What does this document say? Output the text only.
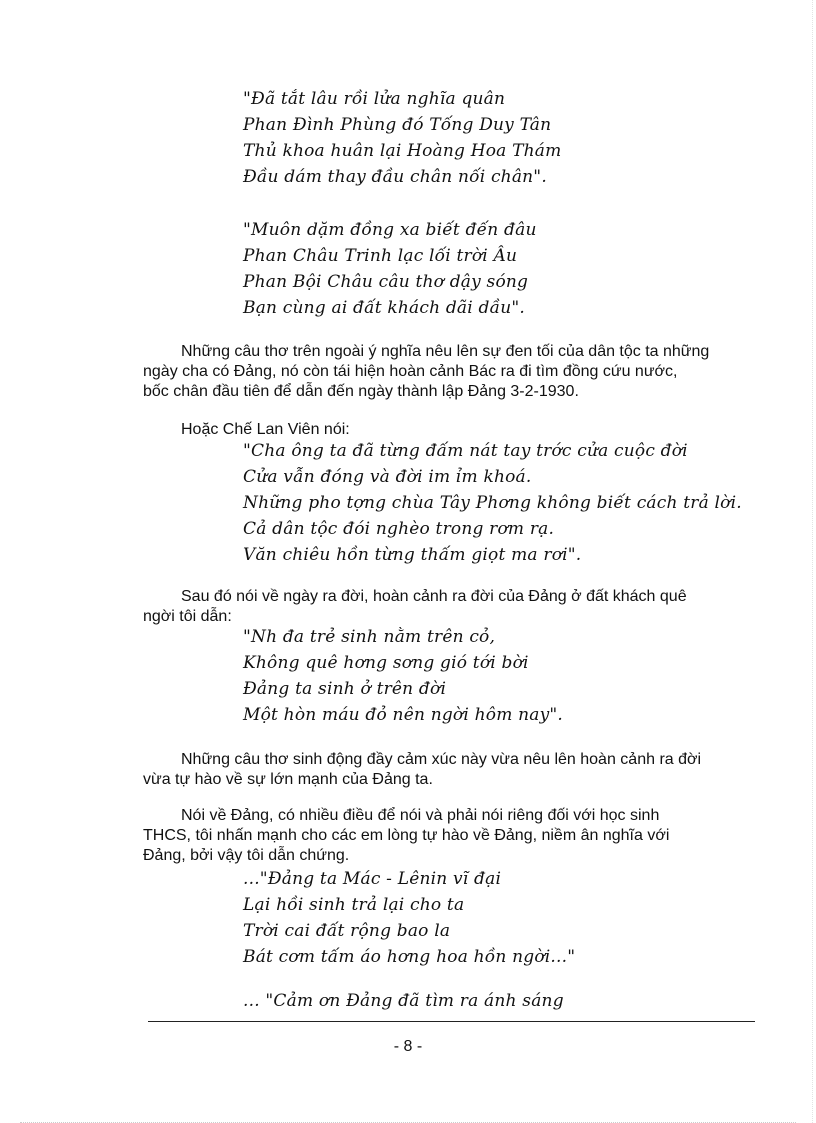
"Đã tắt lâu rồi lửa nghĩa quân
Phan Đình Phùng đó Tống Duy Tân
Thủ khoa huân lại Hoàng Hoa Thám
Đầu dám thay đầu chân nối chân".
"Muôn dặm đồng xa biết đến đâu
Phan Châu Trinh lạc lối trời Âu
Phan Bội Châu câu thơ dậy sóng
Bạn cùng ai đất khách dãi dầu".
Những câu thơ trên ngoài ý nghĩa nêu lên sự đen tối của dân tộc ta những
ngày cha có Đảng, nó còn tái hiện hoàn cảnh Bác ra đi tìm đồng cứu nước,
bốc chân đầu tiên để dẫn đến ngày thành lập Đảng 3-2-1930.
Hoặc Chế Lan Viên nói:
"Cha ông ta đã từng đấm nát tay trớc cửa cuộc đời
Cửa vẫn đóng và đời im ỉm khoá.
Những pho tợng chùa Tây Phơng không biết cách trả lời.
Cả dân tộc đói nghèo trong rơm rạ.
Văn chiêu hồn từng thấm giọt ma rơi".
Sau đó nói về ngày ra đời, hoàn cảnh ra đời của Đảng ở đất khách quê
ngời tôi dẫn:
"Nh đa trẻ sinh nằm trên cỏ,
Không quê hơng sơng gió tới bời
Đảng ta sinh ở trên đời
Một hòn máu đỏ nên ngời hôm nay".
Những câu thơ sinh động đầy cảm xúc này vừa nêu lên hoàn cảnh ra đời
vừa tự hào về sự lớn mạnh của Đảng ta.
Nói về Đảng, có nhiều điều để nói và phải nói riêng đối với học sinh
THCS, tôi nhấn mạnh cho các em lòng tự hào về Đảng, niềm ân nghĩa với
Đảng, bởi vậy tôi dẫn chứng.
..."Đảng ta Mác - Lênin vĩ đại
Lại hồi sinh trả lại cho ta
Trời cai đất rộng bao la
Bát cơm tấm áo hơng hoa hồn ngời..."
... "Cảm ơn Đảng đã tìm ra ánh sáng
- 8 -
